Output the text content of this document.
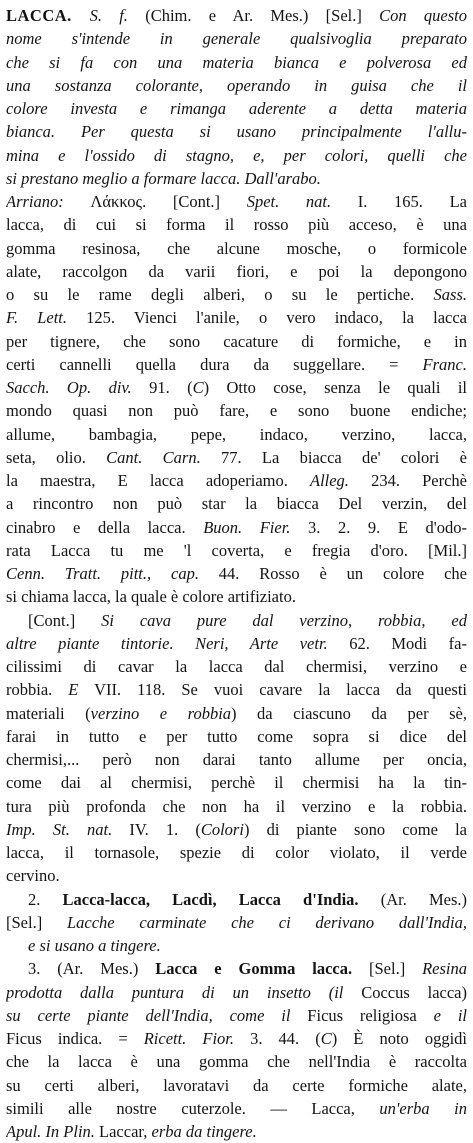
LACCA. S. f. (Chim. e Ar. Mes.) [Sel.] Con questo
nome s'intende in generale qualsivoglia preparato
che si fa con una materia bianca e polverosa ed
una sostanza colorante, operando in guisa che il
colore investa e rimanga aderente a detta materia
bianca. Per questa si usano principalmente l'allu-
mina e l'ossido di stagno, e, per colori, quelli che
si prestano meglio a formare lacca. Dall'arabo.
Arriano: Λάκκος. [Cont.] Spet. nat. I. 165. La
lacca, di cui si forma il rosso più acceso, è una
gomma resinosa, che alcune mosche, o formicole
alate, raccolgon da varii fiori, e poi la depongono
o su le rame degli alberi, o su le pertiche. Sass.
F. Lett. 125. Vienci l'anile, o vero indaco, la lacca
per tignere, che sono cacature di formiche, e in
certi cannelli quella dura da suggellare. = Franc.
Sacch. Op. div. 91. (C) Otto cose, senza le quali il
mondo quasi non può fare, e sono buone endiche;
allume, bambagia, pepe, indaco, verzino, lacca,
seta, olio. Cant. Carn. 77. La biacca de' colori è
la maestra, E lacca adoperiamo. Alleg. 234. Perchè
a rincontro non può star la biacca Del verzin, del
cinabro e della lacca. Buon. Fier. 3. 2. 9. E d'odo-
rata Lacca tu me 'l coverta, e fregia d'oro. [Mil.]
Cenn. Tratt. pitt., cap. 44. Rosso è un colore che
si chiama lacca, la quale è colore artifiziato.
[Cont.] Si cava pure dal verzino, robbia, ed
altre piante tintorie. Neri, Arte vetr. 62. Modi fa-
cilissimi di cavar la lacca dal chermisi, verzino e
robbia. E VII. 118. Se vuoi cavare la lacca da questi
materiali (verzino e robbia) da ciascuno da per sè,
farai in tutto e per tutto come sopra si dice del
chermisi,... però non darai tanto allume per oncia,
come dai al chermisi, perchè il chermisi ha la tin-
tura più profonda che non ha il verzino e la robbia.
Imp. St. nat. IV. 1. (Colori) di piante sono come la
lacca, il tornasole, spezie di color violato, il verde
cervino.
2. Lacca-lacca, Lacdì, Lacca d'India. (Ar. Mes.)
[Sel.] Lacche carminate che ci derivano dall'India,
e si usano a tingere.
3. (Ar. Mes.) Lacca e Gomma lacca. [Sel.] Resina
prodotta dalla puntura di un insetto (il Coccus lacca)
su certe piante dell'India, come il Ficus religiosa e il
Ficus indica. = Ricett. Fior. 3. 44. (C) È noto oggidì
che la lacca è una gomma che nell'India è raccolta
su certi alberi, lavoratavi da certe formiche alate,
simili alle nostre cuterzole. — Lacca, un'erba in
Apul. In Plin. Laccar, erba da tingere.
